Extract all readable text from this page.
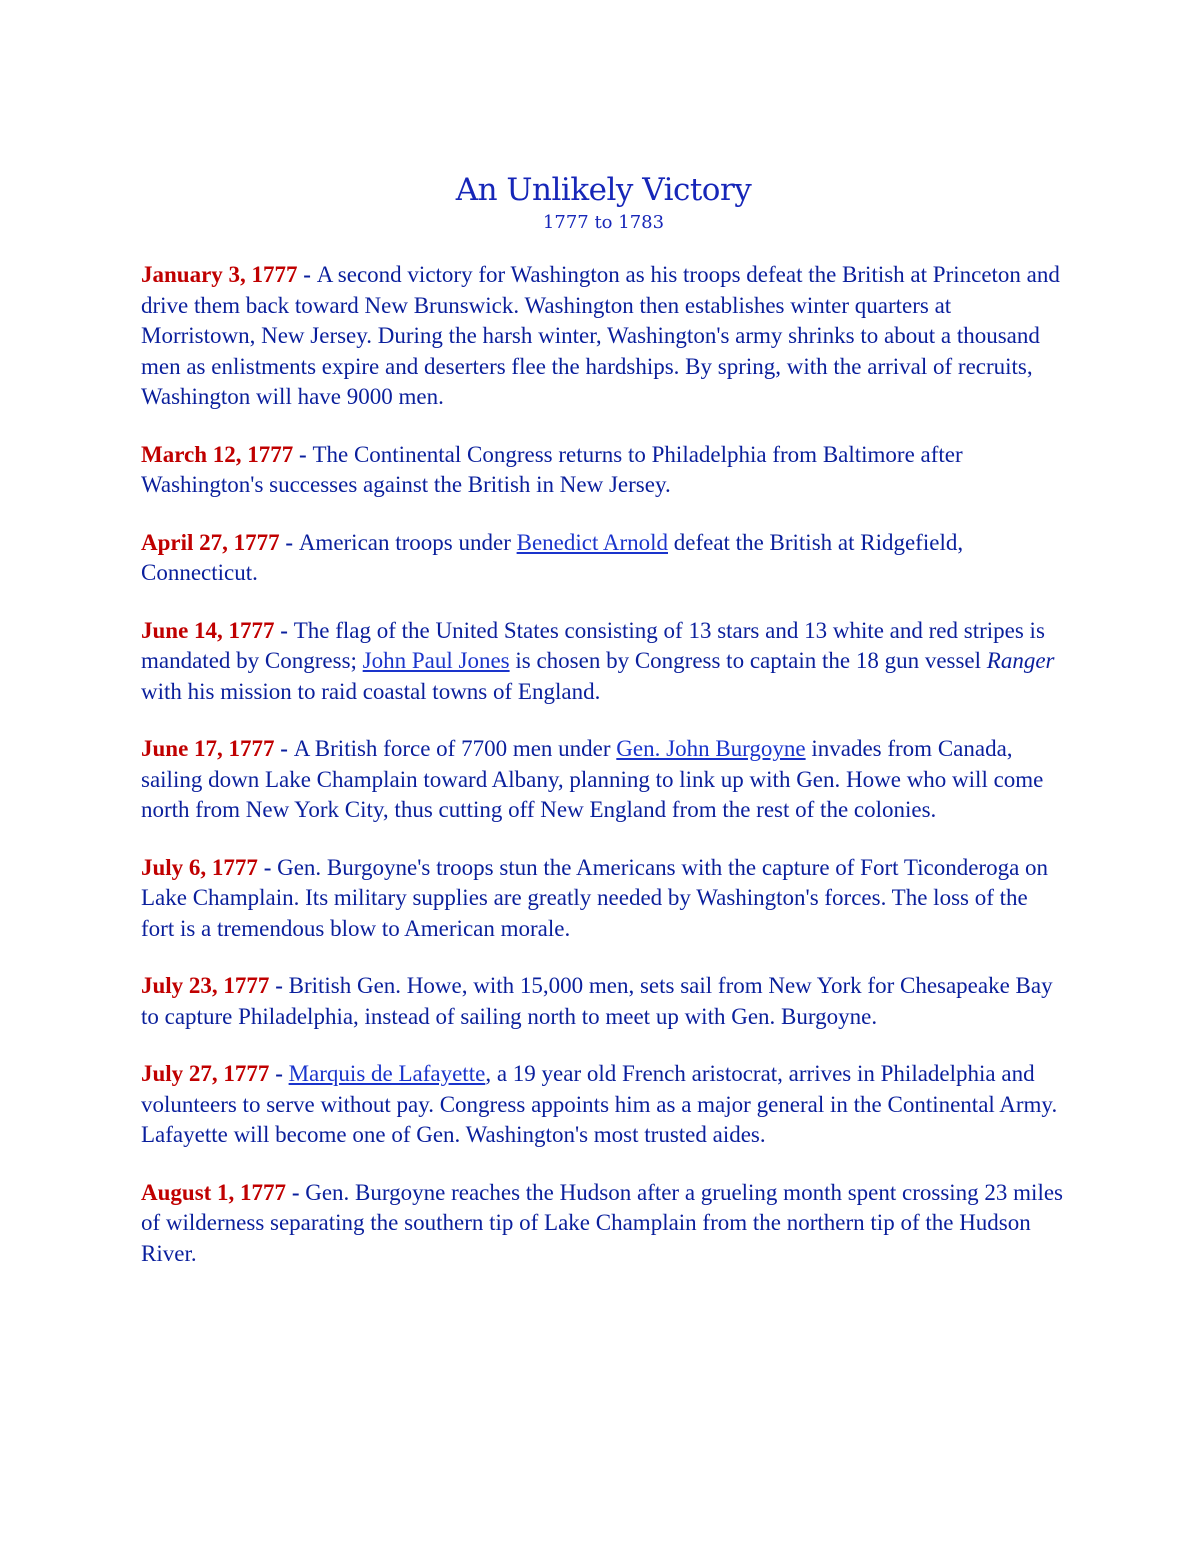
An Unlikely Victory

1777 to 1783

January 3, 1777 - A second victory for Washington as his troops defeat the British at Princeton and drive them back toward New Brunswick. Washington then establishes winter quarters at Morristown, New Jersey. During the harsh winter, Washington's army shrinks to about a thousand men as enlistments expire and deserters flee the hardships. By spring, with the arrival of recruits, Washington will have 9000 men.

March 12, 1777 - The Continental Congress returns to Philadelphia from Baltimore after Washington's successes against the British in New Jersey.

April 27, 1777 - American troops under Benedict Arnold defeat the British at Ridgefield, Connecticut.

June 14, 1777 - The flag of the United States consisting of 13 stars and 13 white and red stripes is mandated by Congress; John Paul Jones is chosen by Congress to captain the 18 gun vessel Ranger with his mission to raid coastal towns of England.

June 17, 1777 - A British force of 7700 men under Gen. John Burgoyne invades from Canada, sailing down Lake Champlain toward Albany, planning to link up with Gen. Howe who will come north from New York City, thus cutting off New England from the rest of the colonies.

July 6, 1777 - Gen. Burgoyne's troops stun the Americans with the capture of Fort Ticonderoga on Lake Champlain. Its military supplies are greatly needed by Washington's forces. The loss of the fort is a tremendous blow to American morale.

July 23, 1777 - British Gen. Howe, with 15,000 men, sets sail from New York for Chesapeake Bay to capture Philadelphia, instead of sailing north to meet up with Gen. Burgoyne.

July 27, 1777 - Marquis de Lafayette, a 19 year old French aristocrat, arrives in Philadelphia and volunteers to serve without pay. Congress appoints him as a major general in the Continental Army. Lafayette will become one of Gen. Washington's most trusted aides.

August 1, 1777 - Gen. Burgoyne reaches the Hudson after a grueling month spent crossing 23 miles of wilderness separating the southern tip of Lake Champlain from the northern tip of the Hudson River.
